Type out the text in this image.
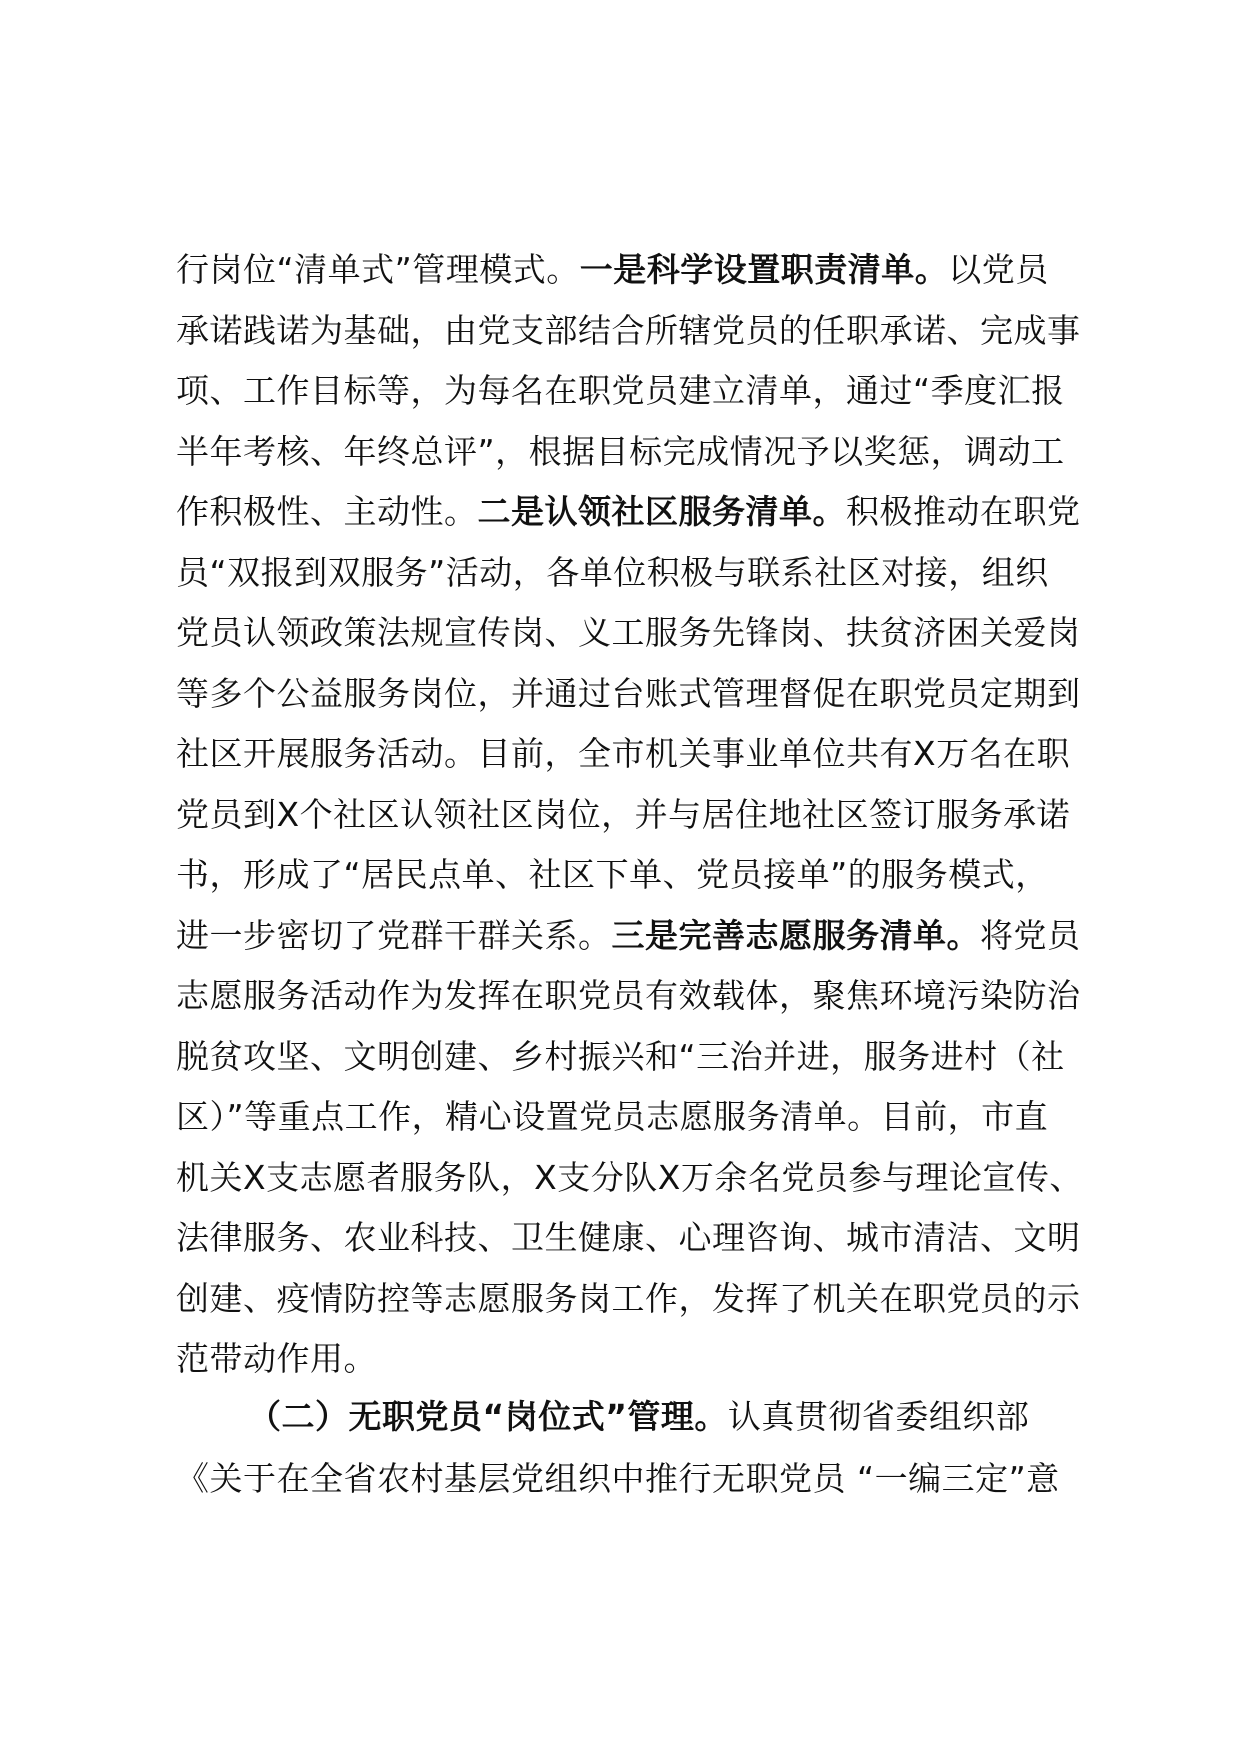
行岗位“清单式”管理模式。一是科学设置职责清单。以党员
承诺践诺为基础，由党支部结合所辖党员的任职承诺、完成事
项、工作目标等，为每名在职党员建立清单，通过“季度汇报
半年考核、年终总评”，根据目标完成情况予以奖惩，调动工
作积极性、主动性。二是认领社区服务清单。积极推动在职党
员“双报到双服务”活动，各单位积极与联系社区对接，组织
党员认领政策法规宣传岗、义工服务先锋岗、扶贫济困关爱岗
等多个公益服务岗位，并通过台账式管理督促在职党员定期到
社区开展服务活动。目前，全市机关事业单位共有X万名在职
党员到X个社区认领社区岗位，并与居住地社区签订服务承诺
书，形成了“居民点单、社区下单、党员接单”的服务模式，
进一步密切了党群干群关系。三是完善志愿服务清单。将党员
志愿服务活动作为发挥在职党员有效载体，聚焦环境污染防治
脱贫攻坚、文明创建、乡村振兴和“三治并进，服务进村（社
区）”等重点工作，精心设置党员志愿服务清单。目前，市直
机关X支志愿者服务队，X支分队X万余名党员参与理论宣传、
法律服务、农业科技、卫生健康、心理咨询、城市清洁、文明
创建、疫情防控等志愿服务岗工作，发挥了机关在职党员的示
范带动作用。
（二）无职党员“岗位式”管理。认真贯彻省委组织部
《关于在全省农村基层党组织中推行无职党员 “一编三定”意
